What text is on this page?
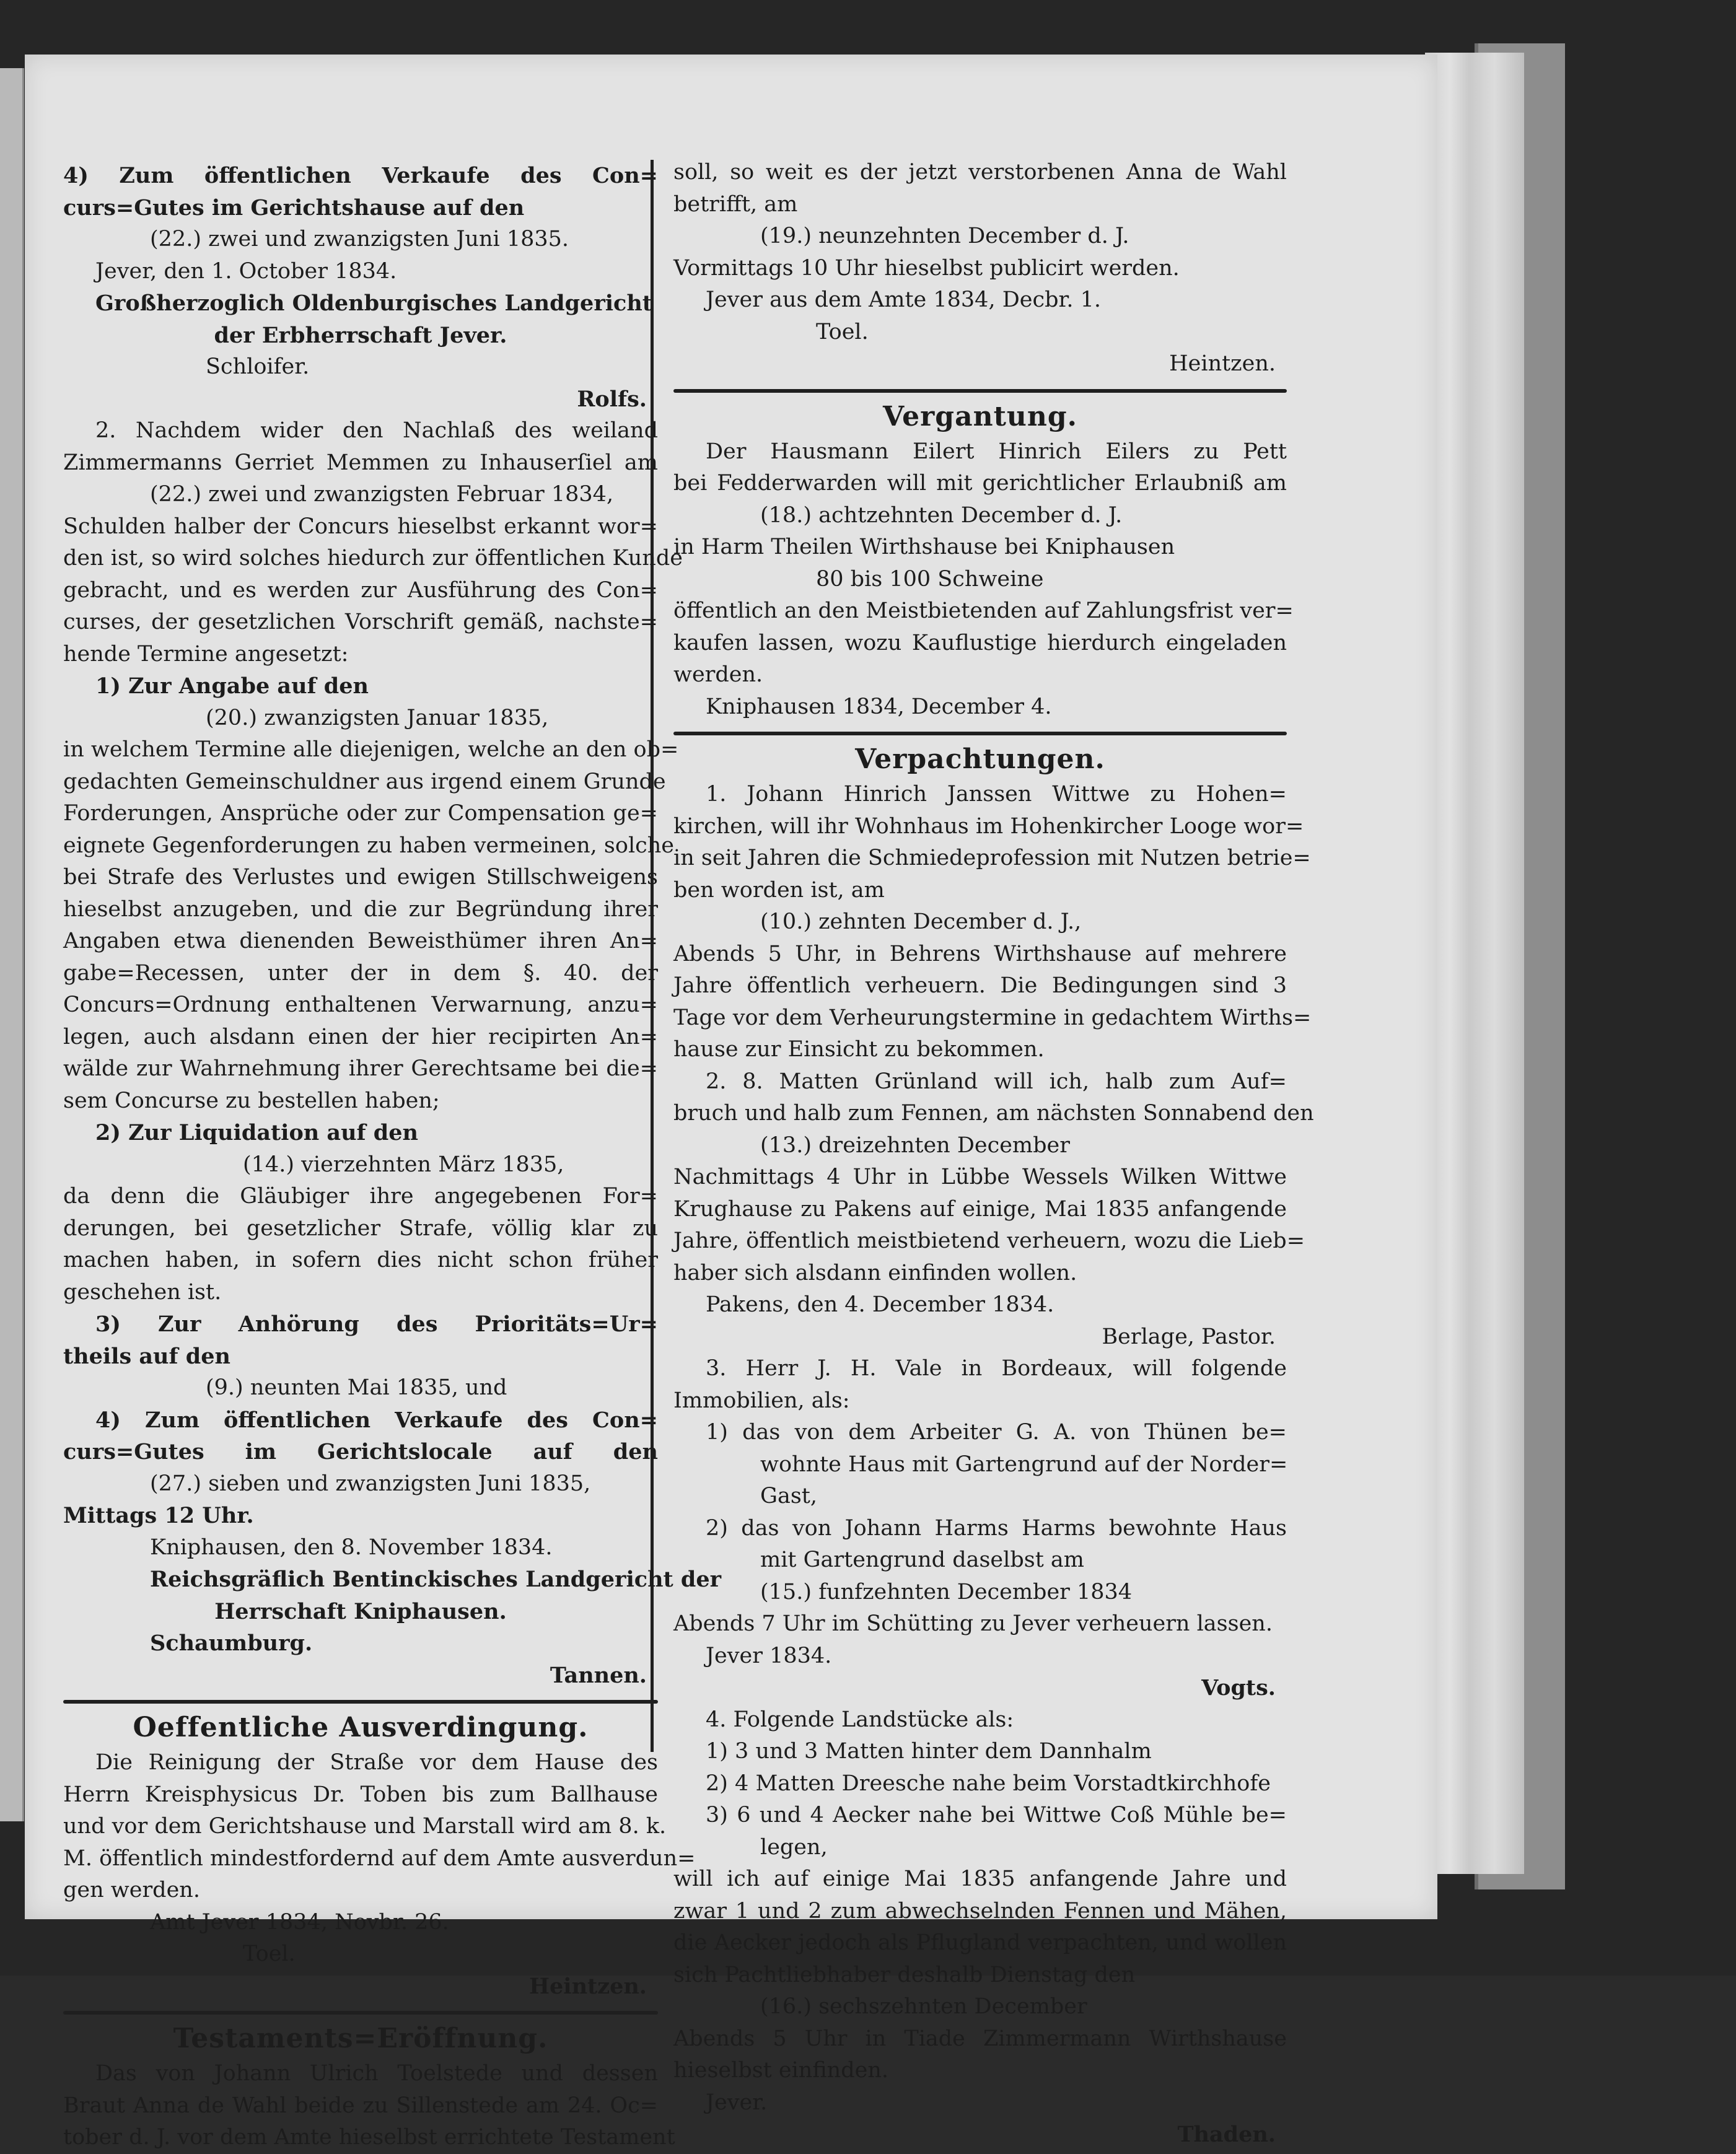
4) Zum öffentlichen Verkaufe des Con=
curs=Gutes im Gerichtshause auf den
(22.) zwei und zwanzigsten Juni 1835.
Jever, den 1. October 1834.
Großherzoglich Oldenburgisches Landgericht
der Erbherrschaft Jever.
Schloifer.
Rolfs.
2. Nachdem wider den Nachlaß des weiland
Zimmermanns Gerriet Memmen zu Inhauserſiel am
(22.) zwei und zwanzigsten Februar 1834,
Schulden halber der Concurs hieselbst erkannt wor=
den ist, so wird solches hiedurch zur öffentlichen Kunde
gebracht, und es werden zur Ausführung des Con=
curses, der gesetzlichen Vorschrift gemäß, nachste=
hende Termine angesetzt:
1) Zur Angabe auf den
(20.) zwanzigsten Januar 1835,
in welchem Termine alle diejenigen, welche an den ob=
gedachten Gemeinschuldner aus irgend einem Grunde
Forderungen, Ansprüche oder zur Compensation ge=
eignete Gegenforderungen zu haben vermeinen, solche
bei Strafe des Verlustes und ewigen Stillschweigens
hieselbst anzugeben, und die zur Begründung ihrer
Angaben etwa dienenden Beweisthümer ihren An=
gabe=Recessen, unter der in dem §. 40. der
Concurs=Ordnung enthaltenen Verwarnung, anzu=
legen, auch alsdann einen der hier recipirten An=
wälde zur Wahrnehmung ihrer Gerechtsame bei die=
sem Concurse zu bestellen haben;
2) Zur Liquidation auf den
(14.) vierzehnten März 1835,
da denn die Gläubiger ihre angegebenen For=
derungen, bei gesetzlicher Strafe, völlig klar zu
machen haben, in sofern dies nicht schon früher
geschehen ist.
3) Zur Anhörung des Prioritäts=Ur=
theils auf den
(9.) neunten Mai 1835, und
4) Zum öffentlichen Verkaufe des Con=
curs=Gutes im Gerichtslocale auf den
(27.) sieben und zwanzigsten Juni 1835,
Mittags 12 Uhr.
Kniphausen, den 8. November 1834.
Reichsgräflich Bentinckisches Landgericht der
Herrschaft Kniphausen.
Schaumburg.
Tannen.
Oeffentliche Ausverdingung.
Die Reinigung der Straße vor dem Hause des
Herrn Kreisphysicus Dr. Toben bis zum Ballhause
und vor dem Gerichtshause und Marstall wird am 8. k.
M. öffentlich mindestfordernd auf dem Amte ausverdun=
gen werden.
Amt Jever 1834, Novbr. 26.
Toel.
Heintzen.
Testaments=Eröffnung.
Das von Johann Ulrich Toelstede und dessen
Braut Anna de Wahl beide zu Sillenstede am 24. Oc=
tober d. J. vor dem Amte hieselbst errichtete Testament
soll, so weit es der jetzt verstorbenen Anna de Wahl
betrifft, am
(19.) neunzehnten December d. J.
Vormittags 10 Uhr hieselbst publicirt werden.
Jever aus dem Amte 1834, Decbr. 1.
Toel.
Heintzen.
Vergantung.
Der Hausmann Eilert Hinrich Eilers zu Pett
bei Fedderwarden will mit gerichtlicher Erlaubniß am
(18.) achtzehnten December d. J.
in Harm Theilen Wirthshause bei Kniphausen
80 bis 100 Schweine
öffentlich an den Meistbietenden auf Zahlungsfrist ver=
kaufen lassen, wozu Kauflustige hierdurch eingeladen
werden.
Kniphausen 1834, December 4.
Verpachtungen.
1. Johann Hinrich Janssen Wittwe zu Hohen=
kirchen, will ihr Wohnhaus im Hohenkircher Looge wor=
in seit Jahren die Schmiedeprofession mit Nutzen betrie=
ben worden ist, am
(10.) zehnten December d. J.,
Abends 5 Uhr, in Behrens Wirthshause auf mehrere
Jahre öffentlich verheuern. Die Bedingungen sind 3
Tage vor dem Verheurungstermine in gedachtem Wirths=
hause zur Einsicht zu bekommen.
2. 8. Matten Grünland will ich, halb zum Auf=
bruch und halb zum Fennen, am nächsten Sonnabend den
(13.) dreizehnten December
Nachmittags 4 Uhr in Lübbe Wessels Wilken Wittwe
Krughause zu Pakens auf einige, Mai 1835 anfangende
Jahre, öffentlich meistbietend verheuern, wozu die Lieb=
haber sich alsdann einfinden wollen.
Pakens, den 4. December 1834.
Berlage, Pastor.
3. Herr J. H. Vale in Bordeaux, will folgende
Immobilien, als:
1) das von dem Arbeiter G. A. von Thünen be=
wohnte Haus mit Gartengrund auf der Norder=
Gast,
2) das von Johann Harms Harms bewohnte Haus
mit Gartengrund daselbst am
(15.) funfzehnten December 1834
Abends 7 Uhr im Schütting zu Jever verheuern lassen.
Jever 1834.
Vogts.
4. Folgende Landstücke als:
1) 3 und 3 Matten hinter dem Dannhalm
2) 4 Matten Dreesche nahe beim Vorstadtkirchhofe
3) 6 und 4 Aecker nahe bei Wittwe Coß Mühle be=
legen,
will ich auf einige Mai 1835 anfangende Jahre und
zwar 1 und 2 zum abwechselnden Fennen und Mähen,
die Aecker jedoch als Pflugland verpachten, und wollen
sich Pachtliebhaber deshalb Dienstag den
(16.) sechszehnten December
Abends 5 Uhr in Tiade Zimmermann Wirthshause
hieselbst einfinden.
Jever.
Thaden.
